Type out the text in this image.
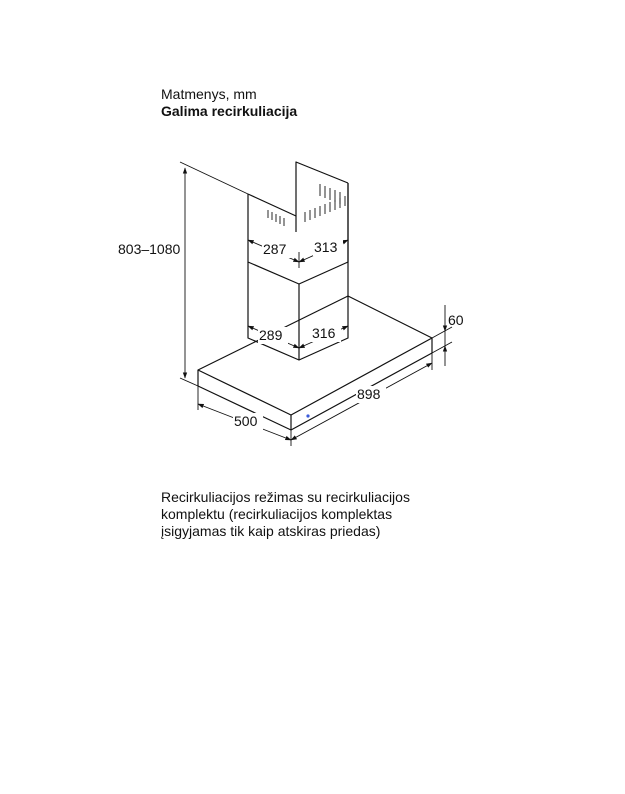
Matmenys, mm
Galima recirkuliacija
803–1080	287 313
289 316
60
898
500
Recirkuliacijos režimas su recirkuliacijos
komplektu (recirkuliacijos komplektas
įsigyjamas tik kaip atskiras priedas)
